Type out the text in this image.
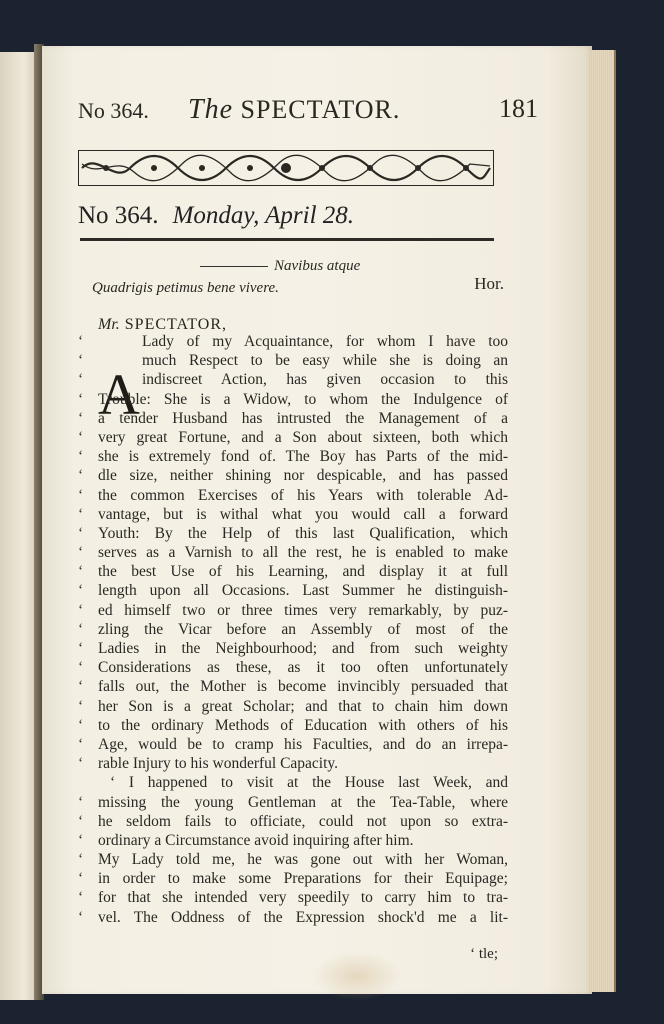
No 364. The SPECTATOR.	181
No 364. Monday, April 28.
Navibus atque
Quadrigis petimus bene vivere.	Hor.
Mr. SPECTATOR,
A
‘	Lady of my Acquaintance, for whom I have too
‘	much Respect to be easy while she is doing an
‘	indiscreet Action, has given occasion to this
‘ Trouble: She is a Widow, to whom the Indulgence of
‘ a tender Husband has intrusted the Management of a
‘ very great Fortune, and a Son about sixteen, both which
‘ she is extremely fond of. The Boy has Parts of the mid-
‘ dle size, neither shining nor despicable, and has passed
‘ the common Exercises of his Years with tolerable Ad-
‘ vantage, but is withal what you would call a forward
‘ Youth: By the Help of this last Qualification, which
‘ serves as a Varnish to all the rest, he is enabled to make
‘ the best Use of his Learning, and display it at full
‘ length upon all Occasions. Last Summer he distinguish-
‘ ed himself two or three times very remarkably, by puz-
‘ zling the Vicar before an Assembly of most of the
‘ Ladies in the Neighbourhood; and from such weighty
‘ Considerations as these, as it too often unfortunately
‘ falls out, the Mother is become invincibly persuaded that
‘ her Son is a great Scholar; and that to chain him down
‘ to the ordinary Methods of Education with others of his
‘ Age, would be to cramp his Faculties, and do an irrepa-
‘ rable Injury to his wonderful Capacity.
‘ I happened to visit at the House last Week, and
‘ missing the young Gentleman at the Tea-Table, where
‘ he seldom fails to officiate, could not upon so extra-
‘ ordinary a Circumstance avoid inquiring after him.
‘ My Lady told me, he was gone out with her Woman,
‘ in order to make some Preparations for their Equipage;
‘ for that she intended very speedily to carry him to tra-
‘ vel. The Oddness of the Expression shock'd me a lit-
‘ tle;
